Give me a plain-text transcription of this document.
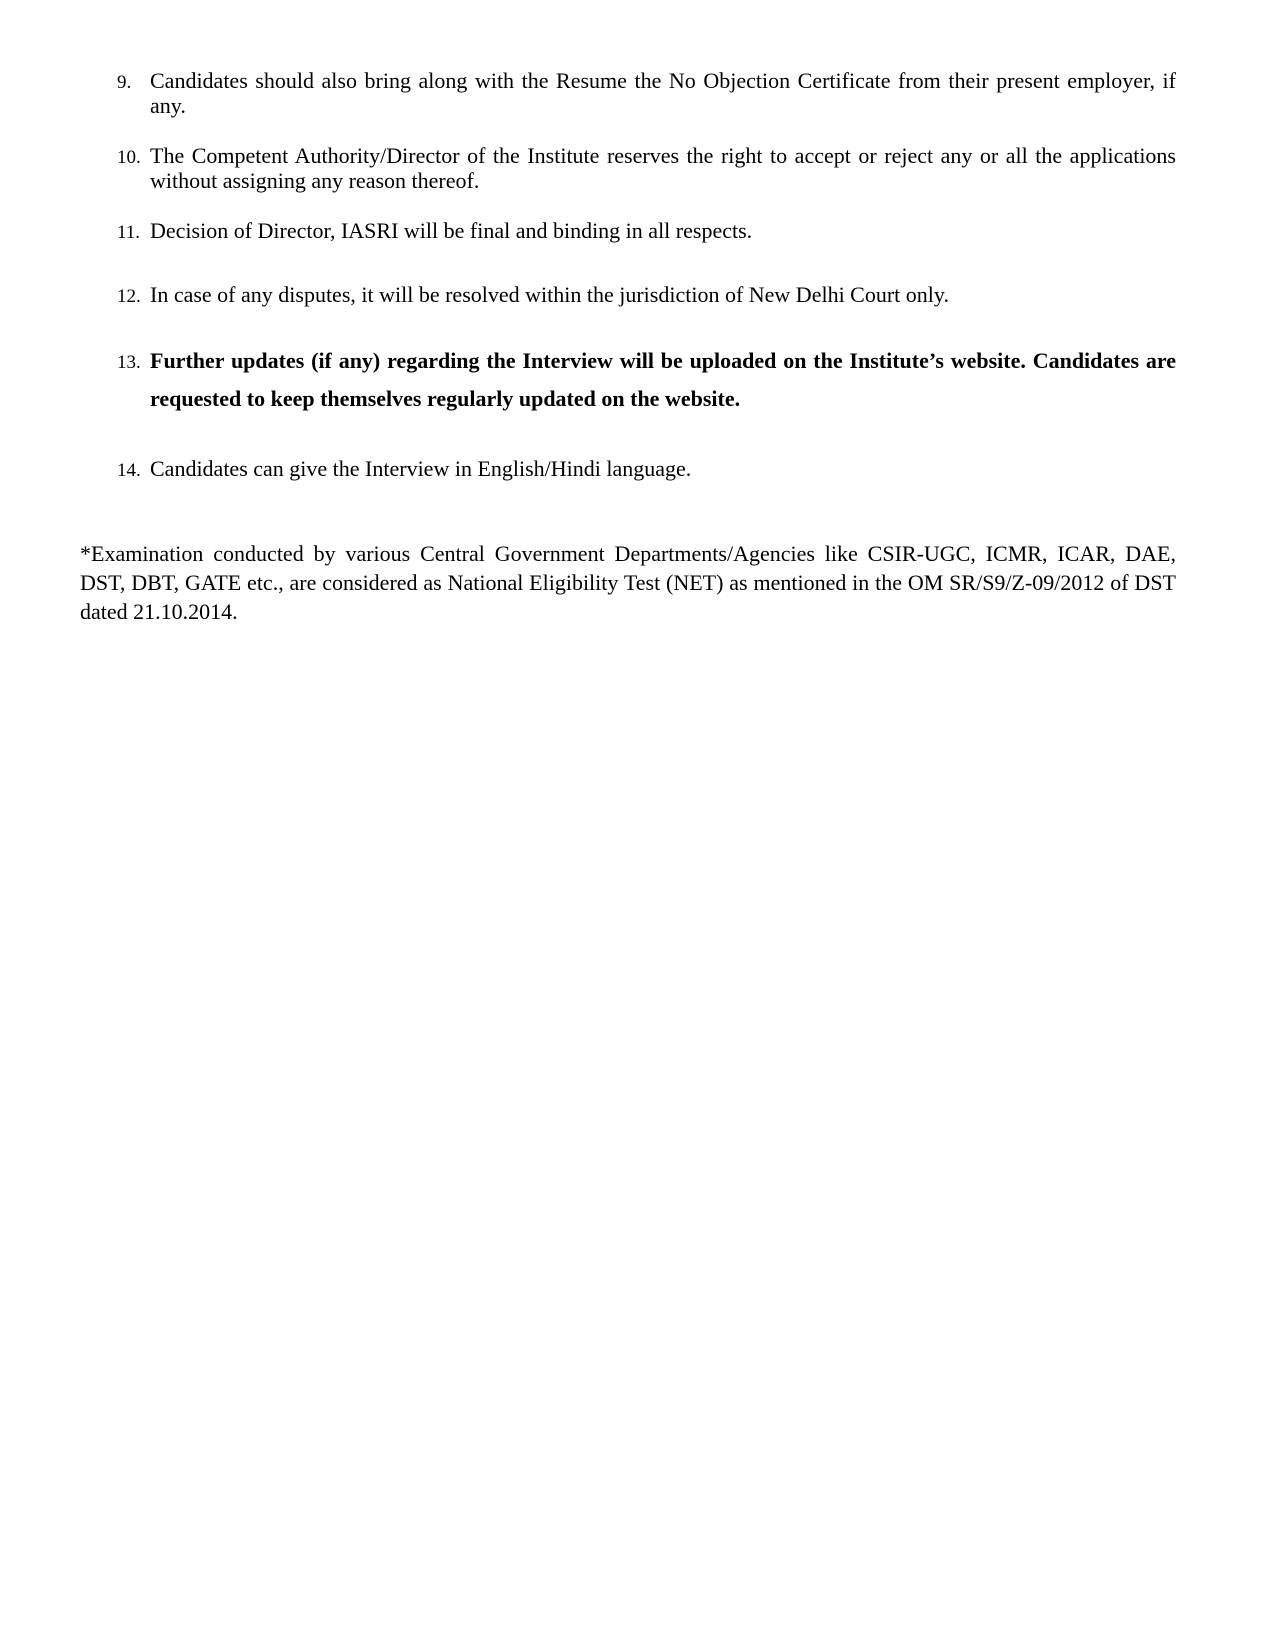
9. Candidates should also bring along with the Resume the No Objection Certificate from their present employer, if any.
10. The Competent Authority/Director of the Institute reserves the right to accept or reject any or all the applications without assigning any reason thereof.
11. Decision of Director, IASRI will be final and binding in all respects.
12. In case of any disputes, it will be resolved within the jurisdiction of New Delhi Court only.
13. Further updates (if any) regarding the Interview will be uploaded on the Institute’s website. Candidates are requested to keep themselves regularly updated on the website.
14. Candidates can give the Interview in English/Hindi language.
*Examination conducted by various Central Government Departments/Agencies like CSIR-UGC, ICMR, ICAR, DAE, DST, DBT, GATE etc., are considered as National Eligibility Test (NET) as mentioned in the OM SR/S9/Z-09/2012 of DST dated 21.10.2014.
